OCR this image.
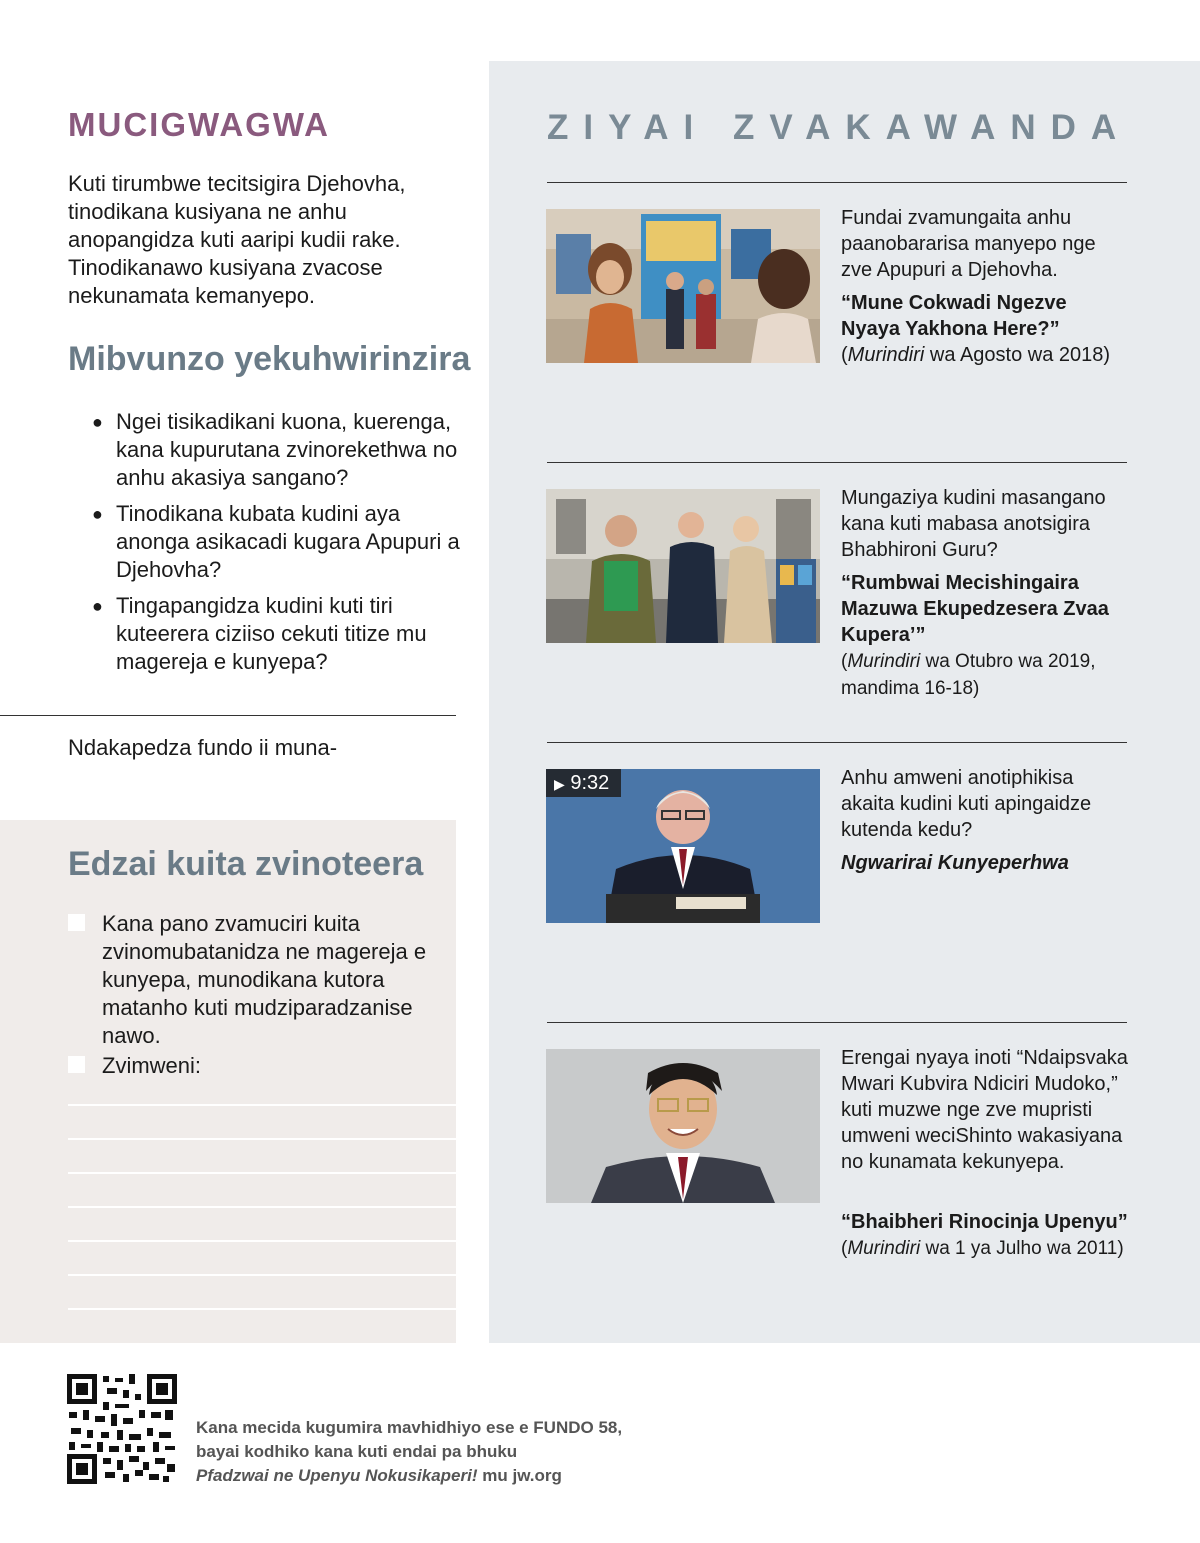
MUCIGWAGWA
Kuti tirumbwe tecitsigira Djehovha, tinodikana kusiyana ne anhu anopangidza kuti aaripi kudii rake. Tinodikanawo kusiyana zvacose nekunamata kemanyepo.
Mibvunzo yekuhwirinzira
● Ngei tisikadikani kuona, kuerenga, kana kupurutana zvinorekethwa no anhu akasiya sangano?
● Tinodikana kubata kudini aya anonga asikacadi kugara Apupuri a Djehovha?
● Tingapangidza kudini kuti tiri kuteerera ciziiso cekuti titize mu magereja e kunyepa?
Ndakapedza fundo ii muna-
Edzai kuita zvinoteera
Kana pano zvamuciri kuita zvinomubatanidza ne magereja e kunyepa, munodikana kutora matanho kuti mudziparadzanise nawo.
Zvimweni:
ZIYAI ZVAKAWANDA
Fundai zvamungaita anhu paanobararisa manyepo nge zve Apupuri a Djehovha.
“Mune Cokwadi Ngezve Nyaya Yakhona Here?” (Murindiri wa Agosto wa 2018)
Mungaziya kudini masangano kana kuti mabasa anotsigira Bhabhironi Guru?
“Rumbwai Mecishingaira Mazuwa Ekupedzesera Zvaa Kupera’”
(Murindiri wa Otubro wa 2019, mandima 16-18)
▶ 9:32	Anhu amweni anotiphikisa akaita kudini kuti apingaidze kutenda kedu?
Ngwarirai Kunyeperhwa
Erengai nyaya inoti “Ndaipsvaka Mwari Kubvira Ndiciri Mudoko,” kuti muzwe nge zve mupristi umweni weciShinto wakasiyana no kunamata kekunyepa.
“Bhaibheri Rinocinja Upenyu”
(Murindiri wa 1 ya Julho wa 2011)
Kana mecida kugumira mavhidhiyo ese e FUNDO 58,
bayai kodhiko kana kuti endai pa bhuku
Pfadzwai ne Upenyu Nokusikaperi! mu jw.org
